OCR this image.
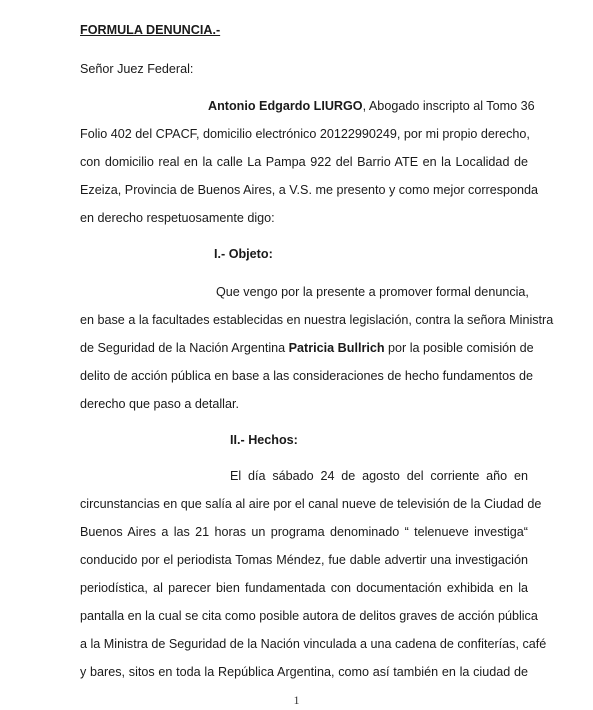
FORMULA DENUNCIA.-
Señor Juez Federal:
Antonio Edgardo LIURGO, Abogado inscripto al Tomo 36
Folio 402 del CPACF, domicilio electrónico 20122990249, por mi propio derecho,
con domicilio real en la calle La Pampa 922 del Barrio ATE en la Localidad de
Ezeiza, Provincia de Buenos Aires, a V.S. me presento y como mejor corresponda
en derecho respetuosamente digo:
I.- Objeto:
Que vengo por la presente a promover formal denuncia,
en base a la facultades establecidas en nuestra legislación, contra la señora Ministra
de Seguridad de la Nación Argentina Patricia Bullrich por la posible comisión de
delito de acción pública en base a las consideraciones de hecho fundamentos de
derecho que paso a detallar.
II.- Hechos:
El día sábado 24 de agosto del corriente año en
circunstancias en que salía al aire por el canal nueve de televisión de la Ciudad de
Buenos Aires a las 21 horas un programa denominado “ telenueve investiga“
conducido por el periodista Tomas Méndez, fue dable advertir una investigación
periodística, al parecer bien fundamentada con documentación exhibida en la
pantalla en la cual se cita como posible autora de delitos graves de acción pública
a la Ministra de Seguridad de la Nación vinculada a una cadena de confiterías, café
y bares, sitos en toda la República Argentina, como así también en la ciudad de
1
